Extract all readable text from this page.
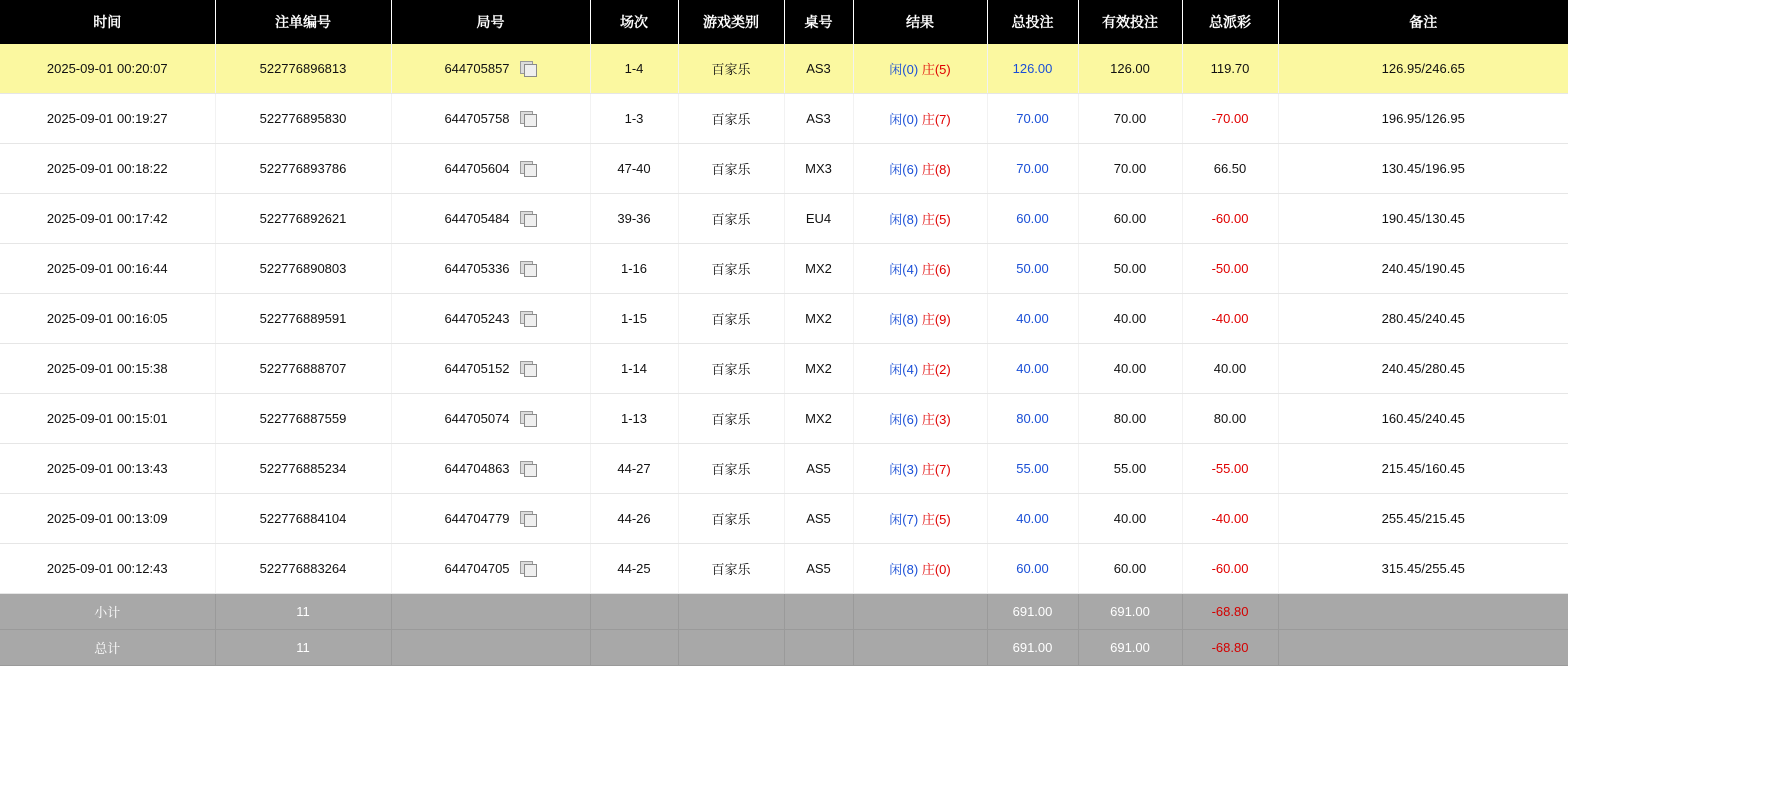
时间	注单编号	局号	场次	游戏类别	桌号	结果	总投注	有效投注	总派彩	备注
2025-09-01 00:20:07	522776896813	644705857	1-4	百家乐	AS3	闲(0) 庄(5)	126.00	126.00	119.70	126.95/246.65
2025-09-01 00:19:27	522776895830	644705758	1-3	百家乐	AS3	闲(0) 庄(7)	70.00	70.00	-70.00	196.95/126.95
2025-09-01 00:18:22	522776893786	644705604	47-40	百家乐	MX3	闲(6) 庄(8)	70.00	70.00	66.50	130.45/196.95
2025-09-01 00:17:42	522776892621	644705484	39-36	百家乐	EU4	闲(8) 庄(5)	60.00	60.00	-60.00	190.45/130.45
2025-09-01 00:16:44	522776890803	644705336	1-16	百家乐	MX2	闲(4) 庄(6)	50.00	50.00	-50.00	240.45/190.45
2025-09-01 00:16:05	522776889591	644705243	1-15	百家乐	MX2	闲(8) 庄(9)	40.00	40.00	-40.00	280.45/240.45
2025-09-01 00:15:38	522776888707	644705152	1-14	百家乐	MX2	闲(4) 庄(2)	40.00	40.00	40.00	240.45/280.45
2025-09-01 00:15:01	522776887559	644705074	1-13	百家乐	MX2	闲(6) 庄(3)	80.00	80.00	80.00	160.45/240.45
2025-09-01 00:13:43	522776885234	644704863	44-27	百家乐	AS5	闲(3) 庄(7)	55.00	55.00	-55.00	215.45/160.45
2025-09-01 00:13:09	522776884104	644704779	44-26	百家乐	AS5	闲(7) 庄(5)	40.00	40.00	-40.00	255.45/215.45
2025-09-01 00:12:43	522776883264	644704705	44-25	百家乐	AS5	闲(8) 庄(0)	60.00	60.00	-60.00	315.45/255.45
小计	11						691.00	691.00	-68.80	
总计	11						691.00	691.00	-68.80	
